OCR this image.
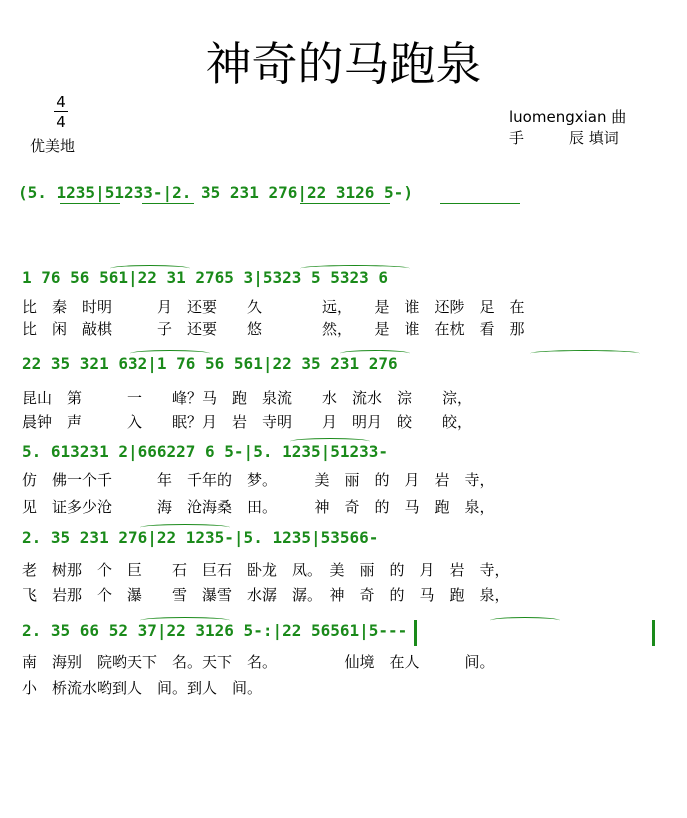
神奇的马跑泉
4
4
优美地
luomengxian 曲
手　　　辰 填词
(5. 1235|51233-|2. 35 231 276|22 3126 5-)
1 76 56 561|22 31 2765 3|5323 5 5323 6
比　秦　时明　　　月　还要　　久　　　　远，　　是　谁　还陟　足　在
比　闲　敲棋　　　子　还要　　悠　　　　然，　　是　谁　在枕　看　那
22 35 321 632|1 76 56 561|22 35 231 276
昆山　第　　　一　　峰？马　跑　泉流　　水　流水　淙　　淙，
晨钟　声　　　入　　眠？月　岩　寺明　　月　明月　皎　　皎，
5. 613231 2|666227 6 5-|5. 1235|51233-
仿　佛一个千　　　年　千年的　梦。　　　美　丽　的　月　岩　寺，
见　证多少沧　　　海　沧海桑　田。　　　神　奇　的　马　跑　泉，
2. 35 231 276|22 1235-|5. 1235|53566-
老　树那　个　巨　　石　巨石　卧龙　凤。　美　丽　的　月　岩　寺，
飞　岩那　个　瀑　　雪　瀑雪　水潺　潺。　神　奇　的　马　跑　泉，
2. 35 66 52 37|22 3126 5-:|22 56561|5---
南　海别　院哟天下　名。天下　名。　　　　　仙境　在人　　　间。
小　桥流水哟到人　间。到人　间。
